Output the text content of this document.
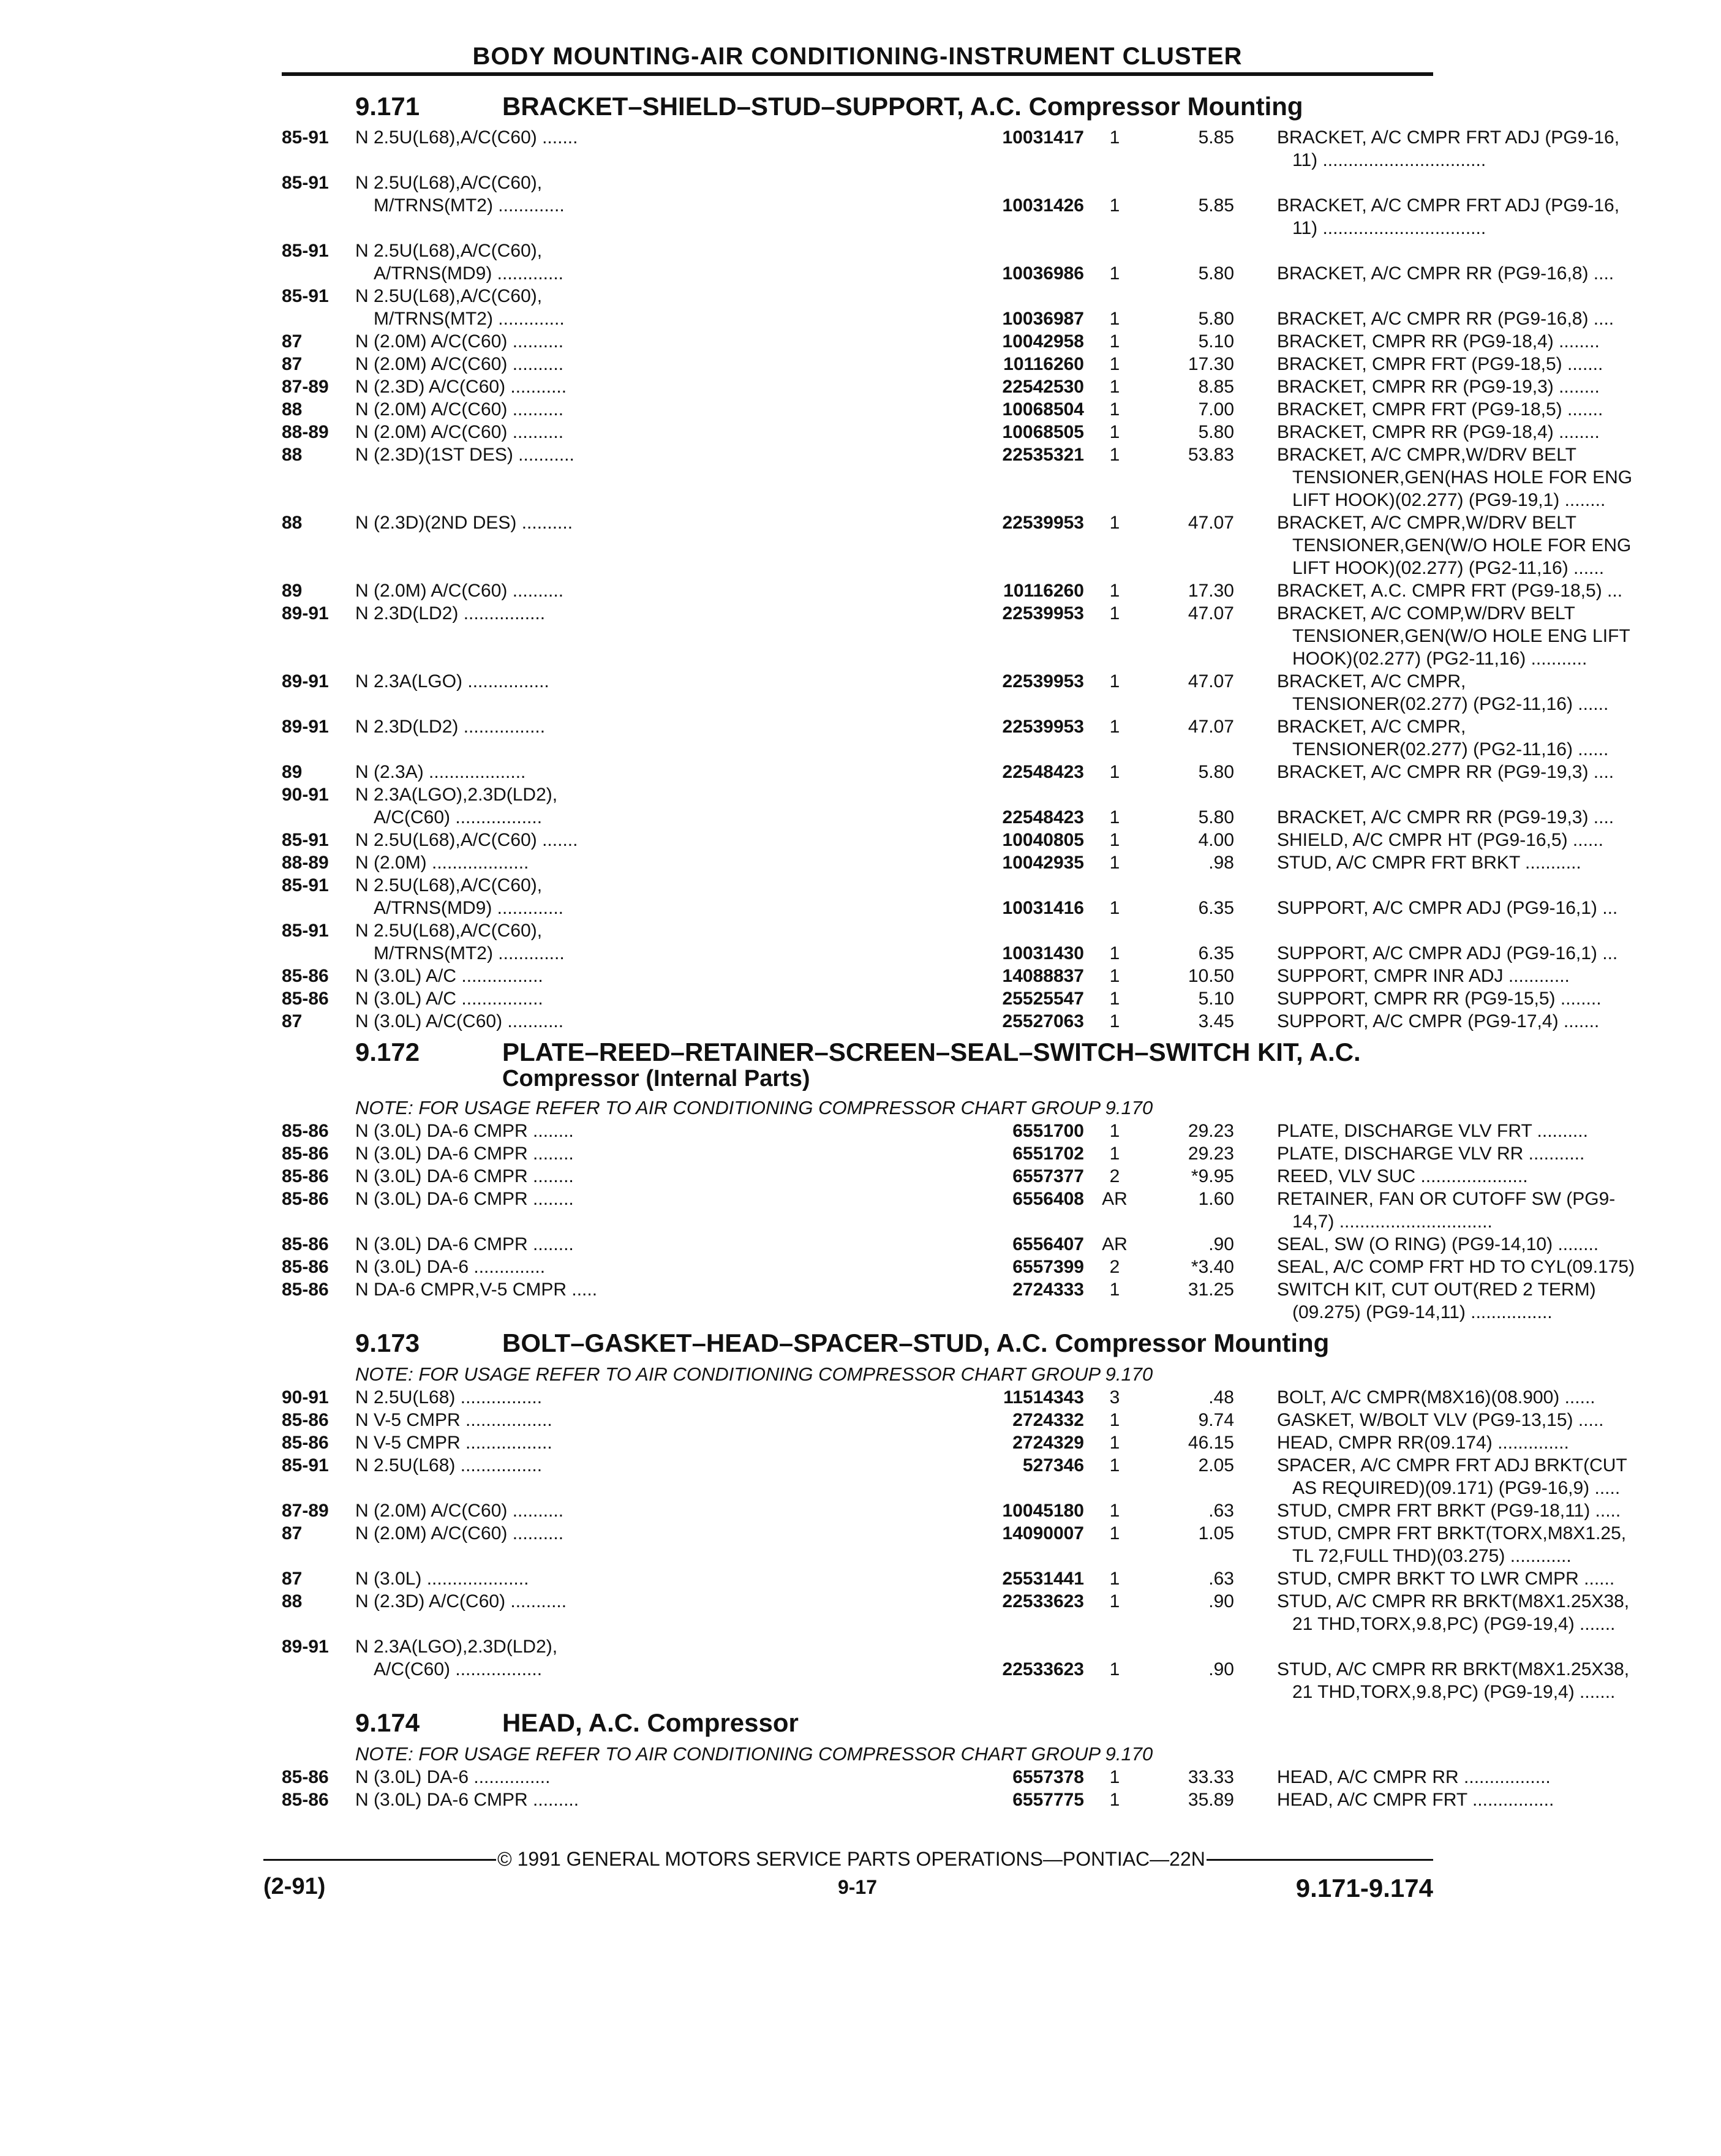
BODY MOUNTING-AIR CONDITIONING-INSTRUMENT CLUSTER
9.171	BRACKET–SHIELD–STUD–SUPPORT, A.C. Compressor Mounting
85-91 N 2.5U(L68),A/C(C60) .......	10031417	1	5.85 BRACKET, A/C CMPR FRT ADJ (PG9-16,
11) ................................
85-91 N 2.5U(L68),A/C(C60),
M/TRNS(MT2) .............	10031426	1	5.85 BRACKET, A/C CMPR FRT ADJ (PG9-16,
11) ................................
85-91 N 2.5U(L68),A/C(C60),
A/TRNS(MD9) .............	10036986	1	5.80 BRACKET, A/C CMPR RR (PG9-16,8) ....
85-91 N 2.5U(L68),A/C(C60),
M/TRNS(MT2) .............	10036987	1	5.80 BRACKET, A/C CMPR RR (PG9-16,8) ....
87	N (2.0M) A/C(C60) ..........	10042958	1	5.10 BRACKET, CMPR RR (PG9-18,4) ........
87	N (2.0M) A/C(C60) ..........	10116260	1	17.30 BRACKET, CMPR FRT (PG9-18,5) .......
87-89 N (2.3D) A/C(C60) ...........	22542530	1	8.85 BRACKET, CMPR RR (PG9-19,3) ........
88	N (2.0M) A/C(C60) ..........	10068504	1	7.00 BRACKET, CMPR FRT (PG9-18,5) .......
88-89 N (2.0M) A/C(C60) ..........	10068505	1	5.80 BRACKET, CMPR RR (PG9-18,4) ........
88	N (2.3D)(1ST DES) ...........	22535321	1	53.83 BRACKET, A/C CMPR,W/DRV BELT
TENSIONER,GEN(HAS HOLE FOR ENG
LIFT HOOK)(02.277) (PG9-19,1) ........
88	N (2.3D)(2ND DES) ..........	22539953	1	47.07 BRACKET, A/C CMPR,W/DRV BELT
TENSIONER,GEN(W/O HOLE FOR ENG
LIFT HOOK)(02.277) (PG2-11,16) ......
89	N (2.0M) A/C(C60) ..........	10116260	1	17.30 BRACKET, A.C. CMPR FRT (PG9-18,5) ...
89-91 N 2.3D(LD2) ................	22539953	1	47.07 BRACKET, A/C COMP,W/DRV BELT
TENSIONER,GEN(W/O HOLE ENG LIFT
HOOK)(02.277) (PG2-11,16) ...........
89-91 N 2.3A(LGO) ................	22539953	1	47.07 BRACKET, A/C CMPR,
TENSIONER(02.277) (PG2-11,16) ......
89-91 N 2.3D(LD2) ................	22539953	1	47.07 BRACKET, A/C CMPR,
TENSIONER(02.277) (PG2-11,16) ......
89	N (2.3A) ...................	22548423	1	5.80 BRACKET, A/C CMPR RR (PG9-19,3) ....
90-91 N 2.3A(LGO),2.3D(LD2),
A/C(C60) .................	22548423	1	5.80 BRACKET, A/C CMPR RR (PG9-19,3) ....
85-91 N 2.5U(L68),A/C(C60) .......	10040805	1	4.00 SHIELD, A/C CMPR HT (PG9-16,5) ......
88-89 N (2.0M) ...................	10042935	1	.98 STUD, A/C CMPR FRT BRKT ...........
85-91 N 2.5U(L68),A/C(C60),
A/TRNS(MD9) .............	10031416	1	6.35 SUPPORT, A/C CMPR ADJ (PG9-16,1) ...
85-91 N 2.5U(L68),A/C(C60),
M/TRNS(MT2) .............	10031430	1	6.35 SUPPORT, A/C CMPR ADJ (PG9-16,1) ...
85-86 N (3.0L) A/C ................	14088837	1	10.50 SUPPORT, CMPR INR ADJ ............
85-86 N (3.0L) A/C ................	25525547	1	5.10 SUPPORT, CMPR RR (PG9-15,5) ........
87	N (3.0L) A/C(C60) ...........	25527063	1	3.45 SUPPORT, A/C CMPR (PG9-17,4) .......
9.172	PLATE–REED–RETAINER–SCREEN–SEAL–SWITCH–SWITCH KIT, A.C.
Compressor (Internal Parts)
NOTE: FOR USAGE REFER TO AIR CONDITIONING COMPRESSOR CHART GROUP 9.170
85-86 N (3.0L) DA-6 CMPR ........	6551700	1	29.23 PLATE, DISCHARGE VLV FRT ..........
85-86 N (3.0L) DA-6 CMPR ........	6551702	1	29.23 PLATE, DISCHARGE VLV RR ...........
85-86 N (3.0L) DA-6 CMPR ........	6557377	2	*9.95 REED, VLV SUC .....................
85-86 N (3.0L) DA-6 CMPR ........	6556408 AR	1.60 RETAINER, FAN OR CUTOFF SW (PG9-
14,7) ..............................
85-86 N (3.0L) DA-6 CMPR ........	6556407 AR	.90 SEAL, SW (O RING) (PG9-14,10) ........
85-86 N (3.0L) DA-6 ..............	6557399	2	*3.40 SEAL, A/C COMP FRT HD TO CYL(09.175)
85-86 N DA-6 CMPR,V-5 CMPR .....	2724333	1	31.25 SWITCH KIT, CUT OUT(RED 2 TERM)
(09.275) (PG9-14,11) ................
9.173	BOLT–GASKET–HEAD–SPACER–STUD, A.C. Compressor Mounting
NOTE: FOR USAGE REFER TO AIR CONDITIONING COMPRESSOR CHART GROUP 9.170
90-91 N 2.5U(L68) ................	11514343	3	.48 BOLT, A/C CMPR(M8X16)(08.900) ......
85-86 N V-5 CMPR .................	2724332	1	9.74 GASKET, W/BOLT VLV (PG9-13,15) .....
85-86 N V-5 CMPR .................	2724329	1	46.15 HEAD, CMPR RR(09.174) ..............
85-91 N 2.5U(L68) ................	527346	1	2.05 SPACER, A/C CMPR FRT ADJ BRKT(CUT
AS REQUIRED)(09.171) (PG9-16,9) .....
87-89 N (2.0M) A/C(C60) ..........	10045180	1	.63 STUD, CMPR FRT BRKT (PG9-18,11) .....
87	N (2.0M) A/C(C60) ..........	14090007	1	1.05 STUD, CMPR FRT BRKT(TORX,M8X1.25,
TL 72,FULL THD)(03.275) ............
87	N (3.0L) ....................	25531441	1	.63 STUD, CMPR BRKT TO LWR CMPR ......
88	N (2.3D) A/C(C60) ...........	22533623	1	.90 STUD, A/C CMPR RR BRKT(M8X1.25X38,
21 THD,TORX,9.8,PC) (PG9-19,4) .......
89-91 N 2.3A(LGO),2.3D(LD2),
A/C(C60) .................	22533623	1	.90 STUD, A/C CMPR RR BRKT(M8X1.25X38,
21 THD,TORX,9.8,PC) (PG9-19,4) .......
9.174	HEAD, A.C. Compressor
NOTE: FOR USAGE REFER TO AIR CONDITIONING COMPRESSOR CHART GROUP 9.170
85-86 N (3.0L) DA-6 ...............	6557378	1	33.33 HEAD, A/C CMPR RR .................
85-86 N (3.0L) DA-6 CMPR .........	6557775	1	35.89 HEAD, A/C CMPR FRT ................
© 1991 GENERAL MOTORS SERVICE PARTS OPERATIONS—PONTIAC—22N
(2-91)	9-17	9.171-9.174
